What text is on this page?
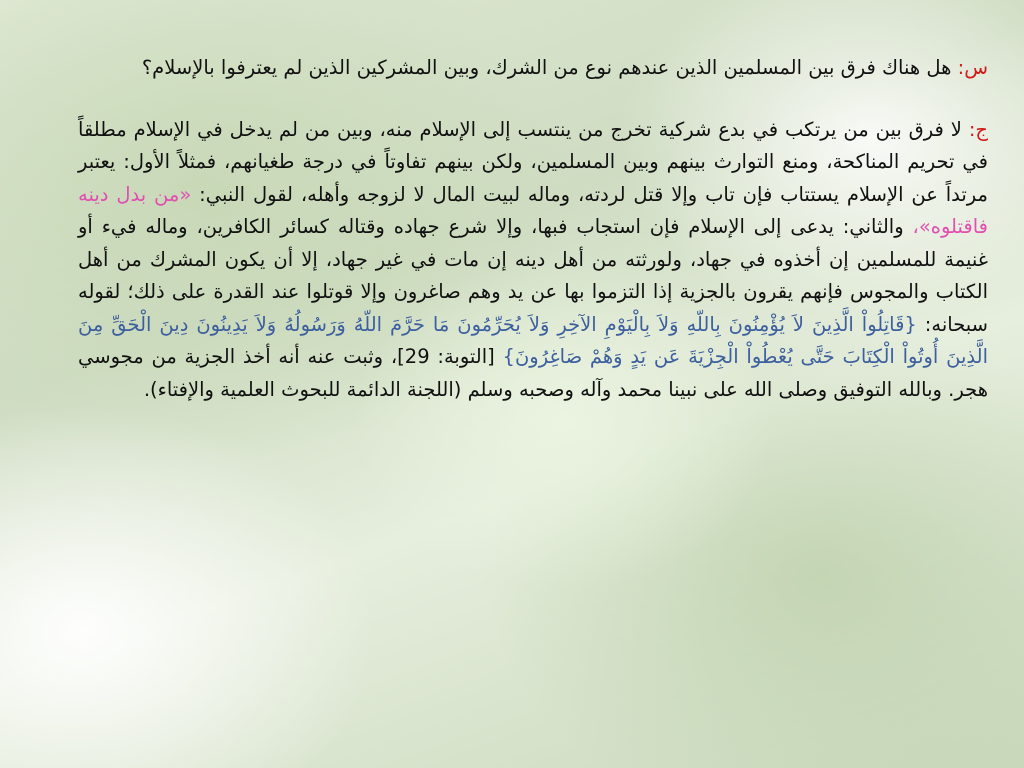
س: هل هناك فرق بين المسلمين الذين عندهم نوع من الشرك، وبين المشركين الذين لم يعترفوا بالإسلام؟

ج: لا فرق بين من يرتكب في بدع شركية تخرج من ينتسب إلى الإسلام منه، وبين من لم يدخل في الإسلام مطلقاً في تحريم المناكحة، ومنع التوارث بينهم وبين المسلمين، ولكن بينهم تفاوتاً في درجة طغيانهم، فمثلاً الأول: يعتبر مرتداً عن الإسلام يستتاب فإن تاب وإلا قتل لردته، وماله لبيت المال لا لزوجه وأهله، لقول النبي: «من بدل دينه فاقتلوه»، والثاني: يدعى إلى الإسلام فإن استجاب فبها، وإلا شرع جهاده وقتاله كسائر الكافرين، وماله فيء أو غنيمة للمسلمين إن أخذوه في جهاد، ولورثته من أهل دينه إن مات في غير جهاد، إلا أن يكون المشرك من أهل الكتاب والمجوس فإنهم يقرون بالجزية إذا التزموا بها عن يد وهم صاغرون وإلا قوتلوا عند القدرة على ذلك؛ لقوله سبحانه: {قَاتِلُواْ الَّذِينَ لاَ يُؤْمِنُونَ بِاللّهِ وَلاَ بِالْيَوْمِ الآخِرِ وَلاَ يُحَرِّمُونَ مَا حَرَّمَ اللّهُ وَرَسُولُهُ وَلاَ يَدِينُونَ دِينَ الْحَقِّ مِنَ الَّذِينَ أُوتُواْ الْكِتَابَ حَتَّى يُعْطُواْ الْجِزْيَةَ عَن يَدٍ وَهُمْ صَاغِرُونَ} [التوبة: 29]، وثبت عنه أنه أخذ الجزية من مجوسي هجر. وبالله التوفيق وصلى الله على نبينا محمد وآله وصحبه وسلم (اللجنة الدائمة للبحوث العلمية والإفتاء).
